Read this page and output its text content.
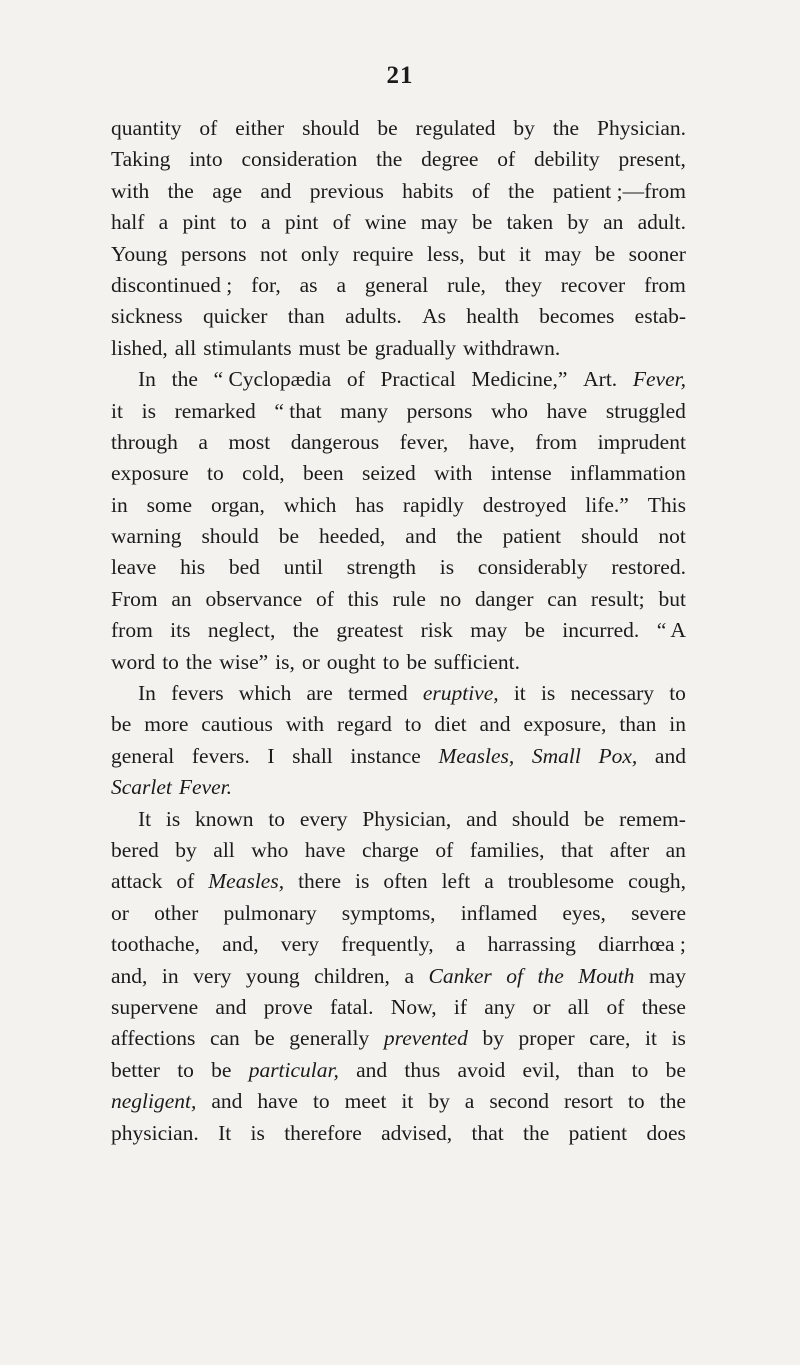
21
quantity of either should be regulated by the Physician.
Taking into consideration the degree of debility present,
with the age and previous habits of the patient ;—from
half a pint to a pint of wine may be taken by an adult.
Young persons not only require less, but it may be sooner
discontinued ; for, as a general rule, they recover from
sickness quicker than adults. As health becomes estab-
lished, all stimulants must be gradually withdrawn.
In the “ Cyclopædia of Practical Medicine,” Art. Fever,
it is remarked “ that many persons who have struggled
through a most dangerous fever, have, from imprudent
exposure to cold, been seized with intense inflammation
in some organ, which has rapidly destroyed life.” This
warning should be heeded, and the patient should not
leave his bed until strength is considerably restored.
From an observance of this rule no danger can result; but
from its neglect, the greatest risk may be incurred. “ A
word to the wise” is, or ought to be sufficient.
In fevers which are termed eruptive, it is necessary to
be more cautious with regard to diet and exposure, than in
general fevers. I shall instance Measles, Small Pox, and
Scarlet Fever.
It is known to every Physician, and should be remem-
bered by all who have charge of families, that after an
attack of Measles, there is often left a troublesome cough,
or other pulmonary symptoms, inflamed eyes, severe
toothache, and, very frequently, a harrassing diarrhœa ;
and, in very young children, a Canker of the Mouth may
supervene and prove fatal. Now, if any or all of these
affections can be generally prevented by proper care, it is
better to be particular, and thus avoid evil, than to be
negligent, and have to meet it by a second resort to the
physician. It is therefore advised, that the patient does
